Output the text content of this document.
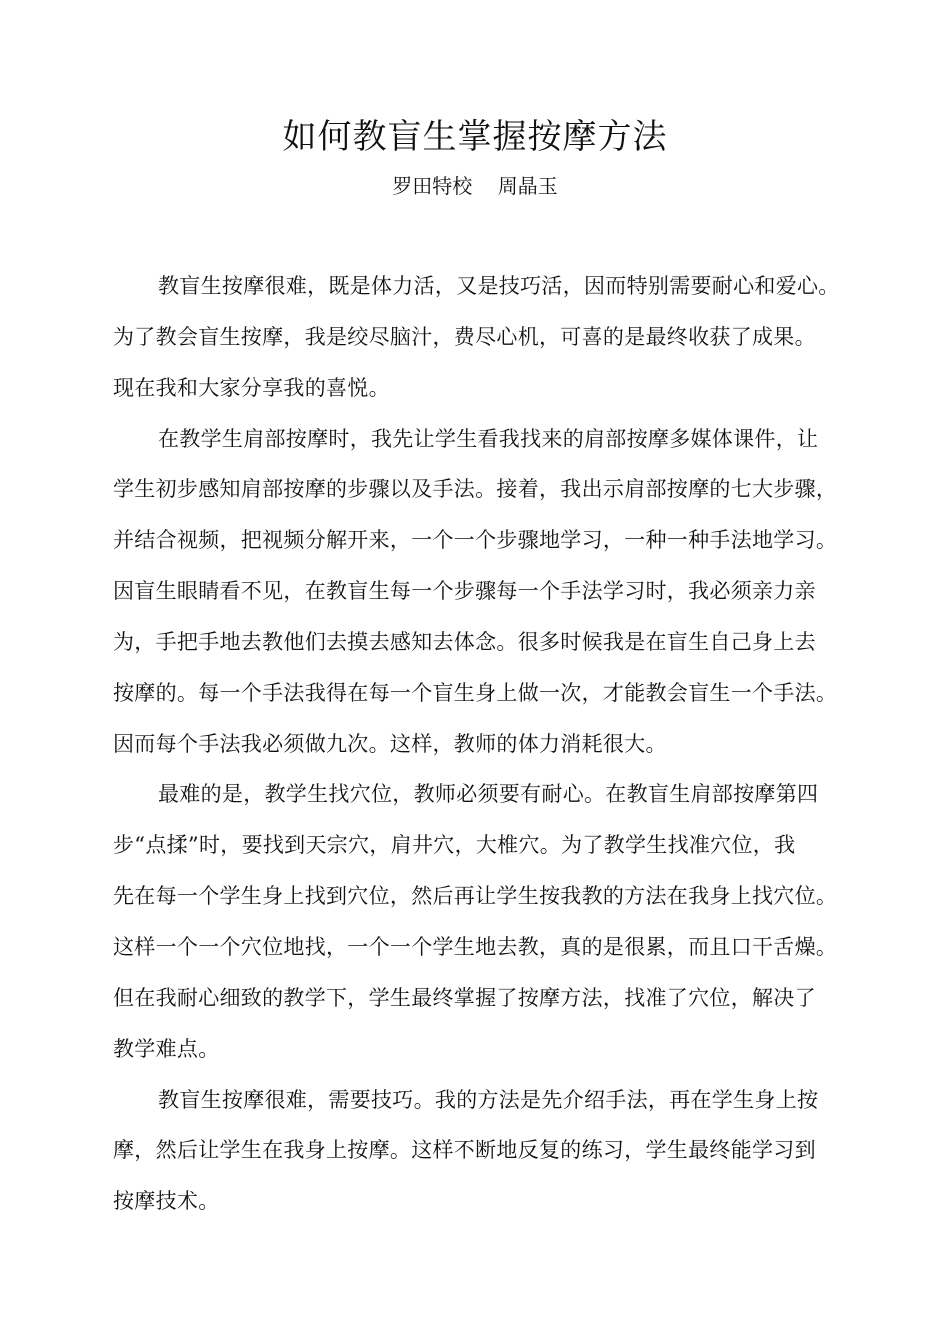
如何教盲生掌握按摩方法

罗田特校    周晶玉

教盲生按摩很难，既是体力活，又是技巧活，因而特别需要耐心和爱心。
为了教会盲生按摩，我是绞尽脑汁，费尽心机，可喜的是最终收获了成果。
现在我和大家分享我的喜悦。
在教学生肩部按摩时，我先让学生看我找来的肩部按摩多媒体课件，让
学生初步感知肩部按摩的步骤以及手法。接着，我出示肩部按摩的七大步骤，
并结合视频，把视频分解开来，一个一个步骤地学习，一种一种手法地学习。
因盲生眼睛看不见，在教盲生每一个步骤每一个手法学习时，我必须亲力亲
为，手把手地去教他们去摸去感知去体念。很多时候我是在盲生自己身上去
按摩的。每一个手法我得在每一个盲生身上做一次，才能教会盲生一个手法。
因而每个手法我必须做九次。这样，教师的体力消耗很大。
最难的是，教学生找穴位，教师必须要有耐心。在教盲生肩部按摩第四
步“点揉”时，要找到天宗穴，肩井穴，大椎穴。为了教学生找准穴位，我
先在每一个学生身上找到穴位，然后再让学生按我教的方法在我身上找穴位。
这样一个一个穴位地找，一个一个学生地去教，真的是很累，而且口干舌燥。
但在我耐心细致的教学下，学生最终掌握了按摩方法，找准了穴位，解决了
教学难点。
教盲生按摩很难，需要技巧。我的方法是先介绍手法，再在学生身上按
摩，然后让学生在我身上按摩。这样不断地反复的练习，学生最终能学习到
按摩技术。
